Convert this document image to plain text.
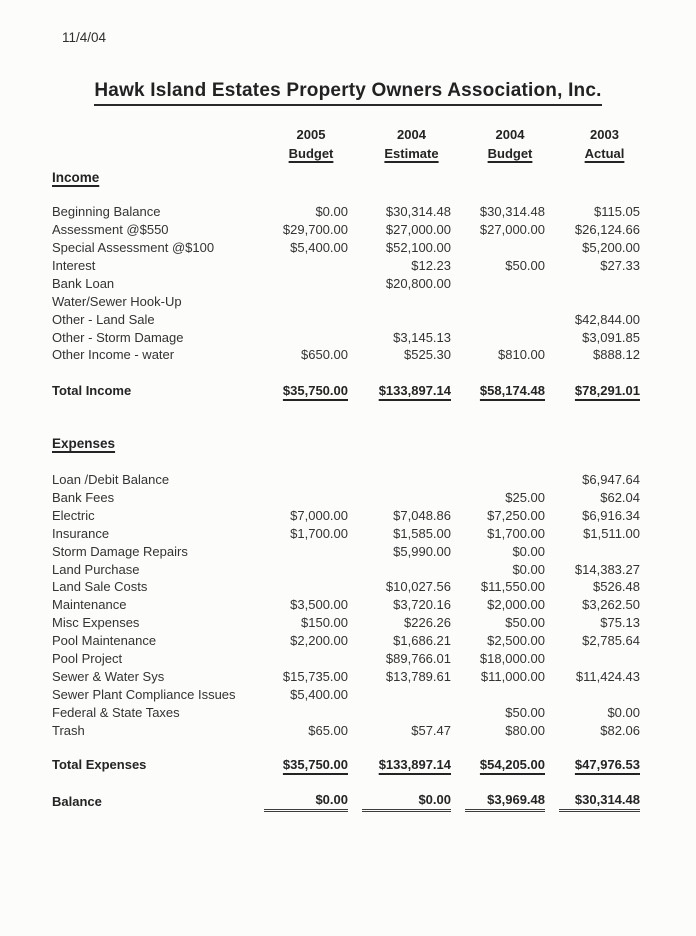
11/4/04
Hawk Island Estates Property Owners Association, Inc.
	2005	2004	2004	2003
	Budget	Estimate	Budget	Actual

Income				

Beginning Balance	$0.00	$30,314.48	$30,314.48	$115.05
Assessment @$550	$29,700.00	$27,000.00	$27,000.00	$26,124.66
Special Assessment @$100	$5,400.00	$52,100.00		$5,200.00
Interest		$12.23	$50.00	$27.33
Bank Loan		$20,800.00		
Water/Sewer Hook-Up				
Other - Land Sale				$42,844.00
Other - Storm Damage		$3,145.13		$3,091.85
Other Income - water	$650.00	$525.30	$810.00	$888.12

Total Income	$35,750.00	$133,897.14	$58,174.48	$78,291.01

Expenses				

Loan /Debit Balance				$6,947.64
Bank Fees			$25.00	$62.04
Electric	$7,000.00	$7,048.86	$7,250.00	$6,916.34
Insurance	$1,700.00	$1,585.00	$1,700.00	$1,511.00
Storm Damage Repairs		$5,990.00	$0.00	
Land Purchase			$0.00	$14,383.27
Land Sale Costs		$10,027.56	$11,550.00	$526.48
Maintenance	$3,500.00	$3,720.16	$2,000.00	$3,262.50
Misc Expenses	$150.00	$226.26	$50.00	$75.13
Pool Maintenance	$2,200.00	$1,686.21	$2,500.00	$2,785.64
Pool Project		$89,766.01	$18,000.00	
Sewer & Water Sys	$15,735.00	$13,789.61	$11,000.00	$11,424.43
Sewer Plant Compliance Issues	$5,400.00			
Federal & State Taxes			$50.00	$0.00
Trash	$65.00	$57.47	$80.00	$82.06

Total Expenses	$35,750.00	$133,897.14	$54,205.00	$47,976.53

Balance	$0.00	$0.00	$3,969.48	$30,314.48
